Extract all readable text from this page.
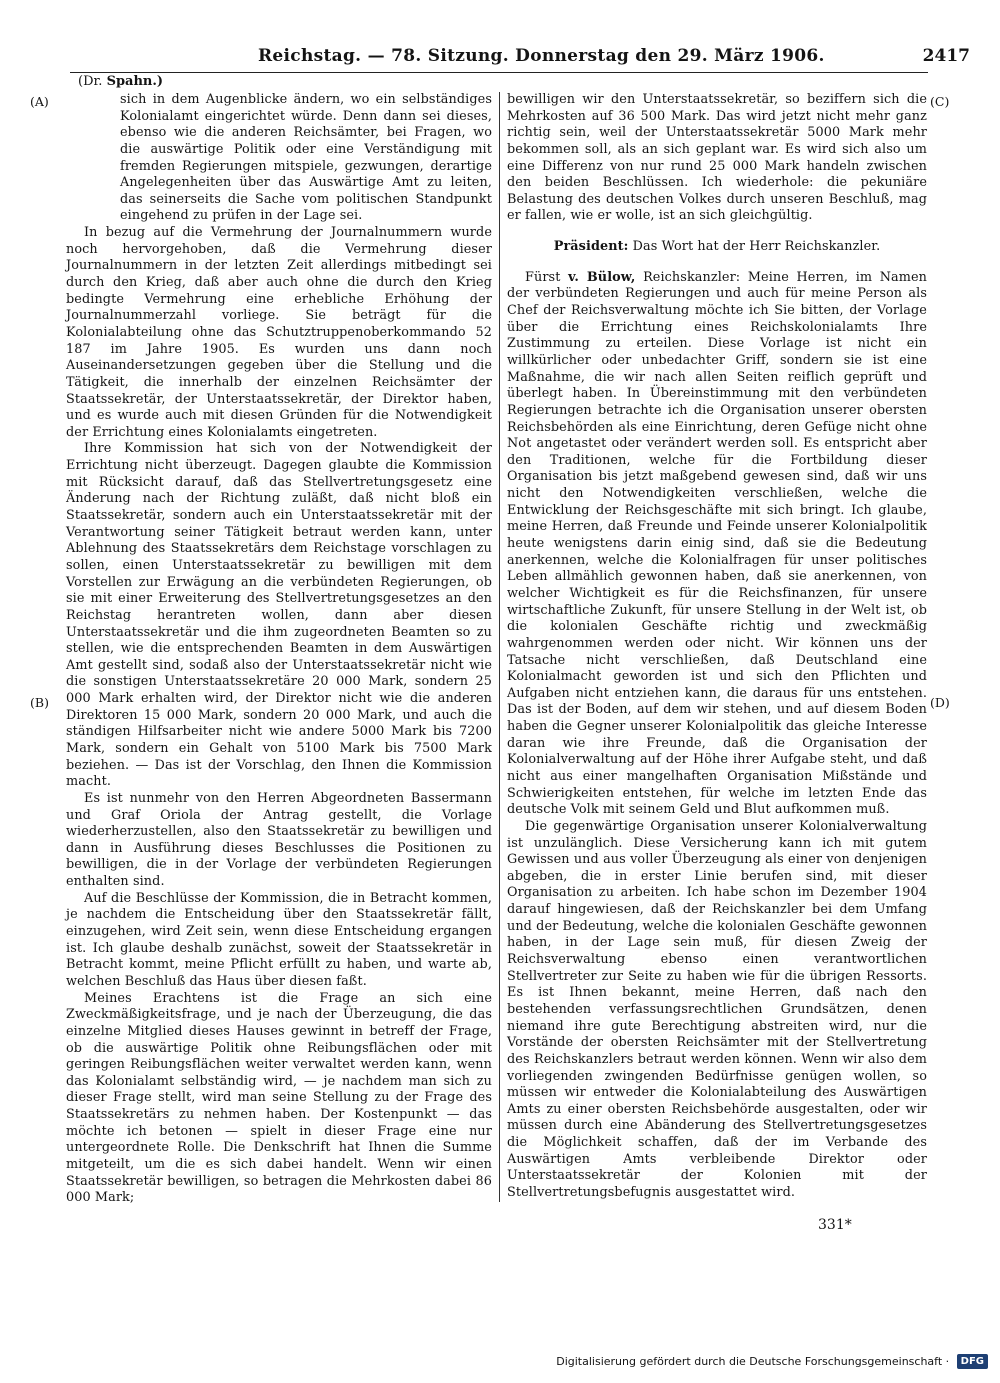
Reichstag. — 78. Sitzung. Donnerstag den 29. März 1906.	2417
(Dr. Spahn.)
(A)
(B)
(C)
(D)

sich in dem Augenblicke ändern, wo ein selbständiges Kolonialamt eingerichtet würde. Denn dann sei dieses, ebenso wie die anderen Reichsämter, bei Fragen, wo die auswärtige Politik oder eine Verständigung mit fremden Regierungen mitspiele, gezwungen, derartige Angelegenheiten über das Auswärtige Amt zu leiten, das seinerseits die Sache vom politischen Standpunkt eingehend zu prüfen in der Lage sei.

In bezug auf die Vermehrung der Journalnummern wurde noch hervorgehoben, daß die Vermehrung dieser Journalnummern in der letzten Zeit allerdings mitbedingt sei durch den Krieg, daß aber auch ohne die durch den Krieg bedingte Vermehrung eine erhebliche Erhöhung der Journalnummerzahl vorliege. Sie beträgt für die Kolonialabteilung ohne das Schutztruppenoberkommando 52 187 im Jahre 1905. Es wurden uns dann noch Auseinandersetzungen gegeben über die Stellung und die Tätigkeit, die innerhalb der einzelnen Reichsämter der Staatssekretär, der Unterstaatssekretär, der Direktor haben, und es wurde auch mit diesen Gründen für die Notwendigkeit der Errichtung eines Kolonialamts eingetreten.

Ihre Kommission hat sich von der Notwendigkeit der Errichtung nicht überzeugt. Dagegen glaubte die Kommission mit Rücksicht darauf, daß das Stellvertretungsgesetz eine Änderung nach der Richtung zuläßt, daß nicht bloß ein Staatssekretär, sondern auch ein Unterstaatssekretär mit der Verantwortung seiner Tätigkeit betraut werden kann, unter Ablehnung des Staatssekretärs dem Reichstage vorschlagen zu sollen, einen Unterstaatssekretär zu bewilligen mit dem Vorstellen zur Erwägung an die verbündeten Regierungen, ob sie mit einer Erweiterung des Stellvertretungsgesetzes an den Reichstag herantreten wollen, dann aber diesen Unterstaatssekretär und die ihm zugeordneten Beamten so zu stellen, wie die entsprechenden Beamten in dem Auswärtigen Amt gestellt sind, sodaß also der Unterstaatssekretär nicht wie die sonstigen Unterstaatssekretäre 20 000 Mark, sondern 25 000 Mark erhalten wird, der Direktor nicht wie die anderen Direktoren 15 000 Mark, sondern 20 000 Mark, und auch die ständigen Hilfsarbeiter nicht wie andere 5000 Mark bis 7200 Mark, sondern ein Gehalt von 5100 Mark bis 7500 Mark beziehen. — Das ist der Vorschlag, den Ihnen die Kommission macht.

Es ist nunmehr von den Herren Abgeordneten Bassermann und Graf Oriola der Antrag gestellt, die Vorlage wiederherzustellen, also den Staatssekretär zu bewilligen und dann in Ausführung dieses Beschlusses die Positionen zu bewilligen, die in der Vorlage der verbündeten Regierungen enthalten sind.

Auf die Beschlüsse der Kommission, die in Betracht kommen, je nachdem die Entscheidung über den Staatssekretär fällt, einzugehen, wird Zeit sein, wenn diese Entscheidung ergangen ist. Ich glaube deshalb zunächst, soweit der Staatssekretär in Betracht kommt, meine Pflicht erfüllt zu haben, und warte ab, welchen Beschluß das Haus über diesen faßt.

Meines Erachtens ist die Frage an sich eine Zweckmäßigkeitsfrage, und je nach der Überzeugung, die das einzelne Mitglied dieses Hauses gewinnt in betreff der Frage, ob die auswärtige Politik ohne Reibungsflächen oder mit geringen Reibungsflächen weiter verwaltet werden kann, wenn das Kolonialamt selbständig wird, — je nachdem man sich zu dieser Frage stellt, wird man seine Stellung zu der Frage des Staatssekretärs zu nehmen haben. Der Kostenpunkt — das möchte ich betonen — spielt in dieser Frage eine nur untergeordnete Rolle. Die Denkschrift hat Ihnen die Summe mitgeteilt, um die es sich dabei handelt. Wenn wir einen Staatssekretär bewilligen, so betragen die Mehrkosten dabei 86 000 Mark;

bewilligen wir den Unterstaatssekretär, so beziffern sich die Mehrkosten auf 36 500 Mark. Das wird jetzt nicht mehr ganz richtig sein, weil der Unterstaatssekretär 5000 Mark mehr bekommen soll, als an sich geplant war. Es wird sich also um eine Differenz von nur rund 25 000 Mark handeln zwischen den beiden Beschlüssen. Ich wiederhole: die pekuniäre Belastung des deutschen Volkes durch unseren Beschluß, mag er fallen, wie er wolle, ist an sich gleichgültig.

Präsident: Das Wort hat der Herr Reichskanzler.

Fürst v. Bülow, Reichskanzler: Meine Herren, im Namen der verbündeten Regierungen und auch für meine Person als Chef der Reichsverwaltung möchte ich Sie bitten, der Vorlage über die Errichtung eines Reichskolonialamts Ihre Zustimmung zu erteilen. Diese Vorlage ist nicht ein willkürlicher oder unbedachter Griff, sondern sie ist eine Maßnahme, die wir nach allen Seiten reiflich geprüft und überlegt haben. In Übereinstimmung mit den verbündeten Regierungen betrachte ich die Organisation unserer obersten Reichsbehörden als eine Einrichtung, deren Gefüge nicht ohne Not angetastet oder verändert werden soll. Es entspricht aber den Traditionen, welche für die Fortbildung dieser Organisation bis jetzt maßgebend gewesen sind, daß wir uns nicht den Notwendigkeiten verschließen, welche die Entwicklung der Reichsgeschäfte mit sich bringt. Ich glaube, meine Herren, daß Freunde und Feinde unserer Kolonialpolitik heute wenigstens darin einig sind, daß sie die Bedeutung anerkennen, welche die Kolonialfragen für unser politisches Leben allmählich gewonnen haben, daß sie anerkennen, von welcher Wichtigkeit es für die Reichsfinanzen, für unsere wirtschaftliche Zukunft, für unsere Stellung in der Welt ist, ob die kolonialen Geschäfte richtig und zweckmäßig wahrgenommen werden oder nicht. Wir können uns der Tatsache nicht verschließen, daß Deutschland eine Kolonialmacht geworden ist und sich den Pflichten und Aufgaben nicht entziehen kann, die daraus für uns entstehen. Das ist der Boden, auf dem wir stehen, und auf diesem Boden haben die Gegner unserer Kolonialpolitik das gleiche Interesse daran wie ihre Freunde, daß die Organisation der Kolonialverwaltung auf der Höhe ihrer Aufgabe steht, und daß nicht aus einer mangelhaften Organisation Mißstände und Schwierigkeiten entstehen, für welche im letzten Ende das deutsche Volk mit seinem Geld und Blut aufkommen muß.

Die gegenwärtige Organisation unserer Kolonialverwaltung ist unzulänglich. Diese Versicherung kann ich mit gutem Gewissen und aus voller Überzeugung als einer von denjenigen abgeben, die in erster Linie berufen sind, mit dieser Organisation zu arbeiten. Ich habe schon im Dezember 1904 darauf hingewiesen, daß der Reichskanzler bei dem Umfang und der Bedeutung, welche die kolonialen Geschäfte gewonnen haben, in der Lage sein muß, für diesen Zweig der Reichsverwaltung ebenso einen verantwortlichen Stellvertreter zur Seite zu haben wie für die übrigen Ressorts. Es ist Ihnen bekannt, meine Herren, daß nach den bestehenden verfassungsrechtlichen Grundsätzen, denen niemand ihre gute Berechtigung abstreiten wird, nur die Vorstände der obersten Reichsämter mit der Stellvertretung des Reichskanzlers betraut werden können. Wenn wir also dem vorliegenden zwingenden Bedürfnisse genügen wollen, so müssen wir entweder die Kolonialabteilung des Auswärtigen Amts zu einer obersten Reichsbehörde ausgestalten, oder wir müssen durch eine Abänderung des Stellvertretungsgesetzes die Möglichkeit schaffen, daß der im Verbande des Auswärtigen Amts verbleibende Direktor oder Unterstaatssekretär der Kolonien mit der Stellvertretungsbefugnis ausgestattet wird.

331*
Digitalisierung gefördert durch die Deutsche Forschungsgemeinschaft · DFG
